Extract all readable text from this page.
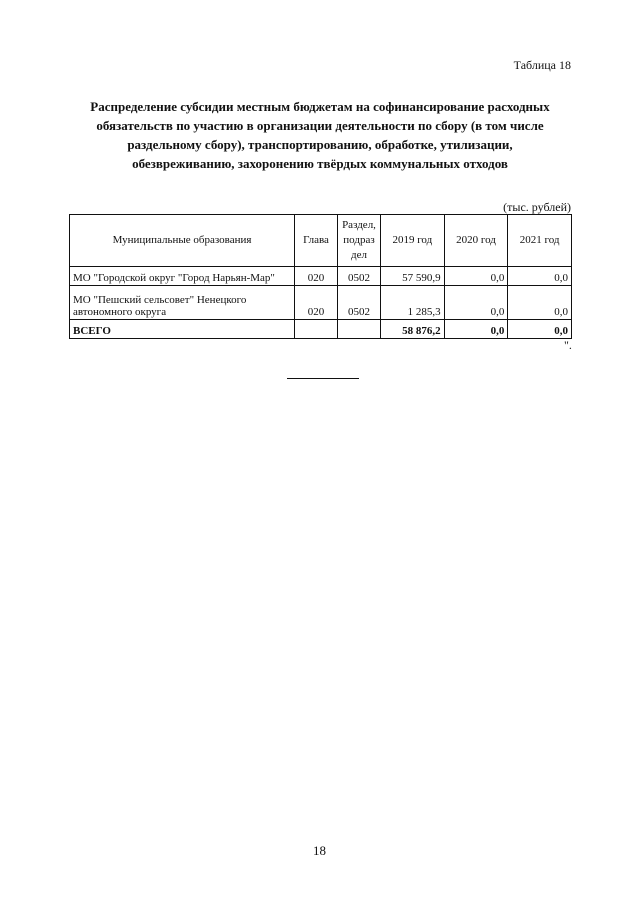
Таблица 18
Распределение субсидии местным бюджетам на софинансирование расходных обязательств по участию в организации деятельности по сбору (в том числе раздельному сбору), транспортированию, обработке, утилизации, обезвреживанию, захоронению твёрдых коммунальных отходов
(тыс. рублей)
Муниципальные образования	Глава	Раздел, подраз дел	2019 год	2020 год	2021 год
МО "Городской округ "Город Нарьян-Мар"	020	0502	57 590,9	0,0	0,0
МО "Пешский сельсовет" Ненецкого автономного округа	020	0502	1 285,3	0,0	0,0
ВСЕГО			58 876,2	0,0	0,0
".
18
